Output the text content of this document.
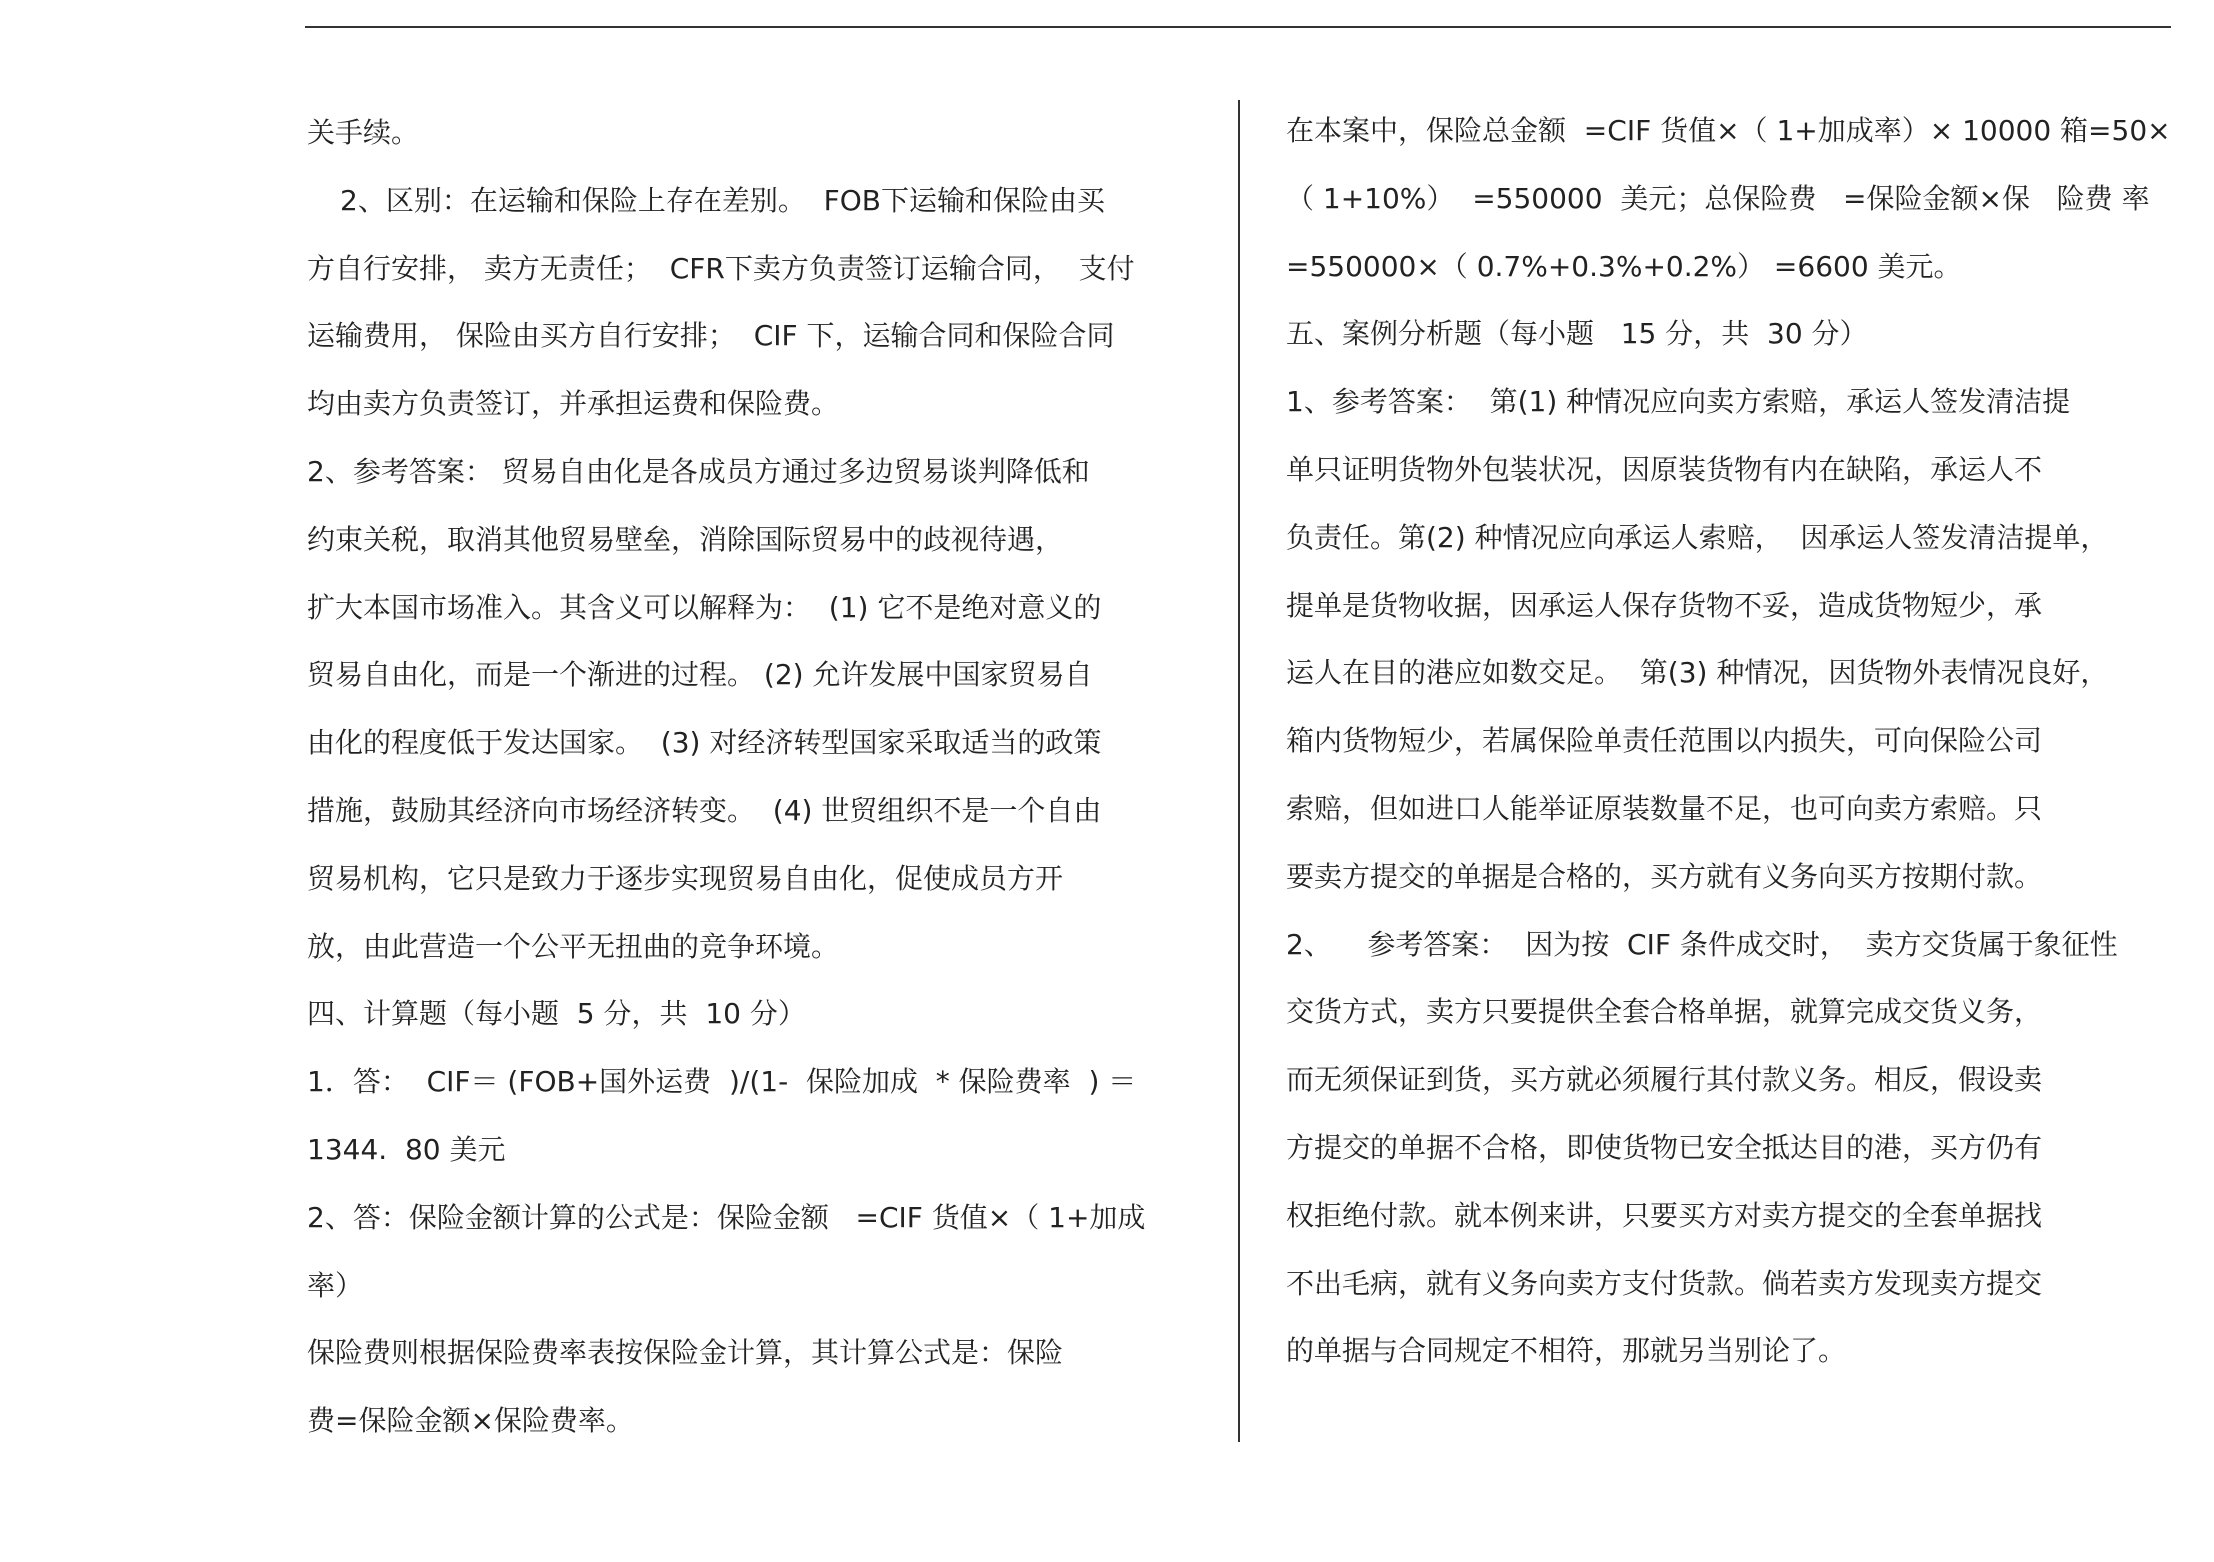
关手续。
2、区别：在运输和保险上存在差别。  FOB下运输和保险由买
方自行安排， 卖方无责任；  CFR下卖方负责签订运输合同，  支付
运输费用， 保险由买方自行安排；  CIF 下，运输合同和保险合同
均由卖方负责签订，并承担运费和保险费。
2、参考答案： 贸易自由化是各成员方通过多边贸易谈判降低和
约束关税，取消其他贸易壁垒，消除国际贸易中的歧视待遇，
扩大本国市场准入。其含义可以解释为：  (1) 它不是绝对意义的
贸易自由化，而是一个渐进的过程。 (2) 允许发展中国家贸易自
由化的程度低于发达国家。  (3) 对经济转型国家采取适当的政策
措施，鼓励其经济向市场经济转变。  (4) 世贸组织不是一个自由
贸易机构，它只是致力于逐步实现贸易自由化，促使成员方开
放，由此营造一个公平无扭曲的竞争环境。
四、计算题（每小题  5 分，共  10 分）
1．答：  CIF＝ (FOB+国外运费  )/(1-  保险加成  * 保险费率  ) ＝
1344.  80 美元
2、答：保险金额计算的公式是：保险金额   =CIF 货值×（ 1+加成
率）
保险费则根据保险费率表按保险金计算，其计算公式是：保险
费=保险金额×保险费率。
在本案中，保险总金额  =CIF 货值×（ 1+加成率）× 10000 箱=50×
（ 1+10%）  =550000  美元；总保险费   =保险金额×保   险费 率
=550000×（ 0.7%+0.3%+0.2%） =6600 美元。
五、案例分析题（每小题   15 分，共  30 分）
1、参考答案：  第(1) 种情况应向卖方索赔，承运人签发清洁提
单只证明货物外包装状况，因原装货物有内在缺陷，承运人不
负责任。第(2) 种情况应向承运人索赔，  因承运人签发清洁提单，
提单是货物收据，因承运人保存货物不妥，造成货物短少，承
运人在目的港应如数交足。  第(3) 种情况，因货物外表情况良好，
箱内货物短少，若属保险单责任范围以内损失，可向保险公司
索赔，但如进口人能举证原装数量不足，也可向卖方索赔。只
要卖方提交的单据是合格的，买方就有义务向买方按期付款。
2、    参考答案：  因为按  CIF 条件成交时，  卖方交货属于象征性
交货方式，卖方只要提供全套合格单据，就算完成交货义务，
而无须保证到货，买方就必须履行其付款义务。相反，假设卖
方提交的单据不合格，即使货物已安全抵达目的港，买方仍有
权拒绝付款。就本例来讲，只要买方对卖方提交的全套单据找
不出毛病，就有义务向卖方支付货款。倘若卖方发现卖方提交
的单据与合同规定不相符，那就另当别论了。
